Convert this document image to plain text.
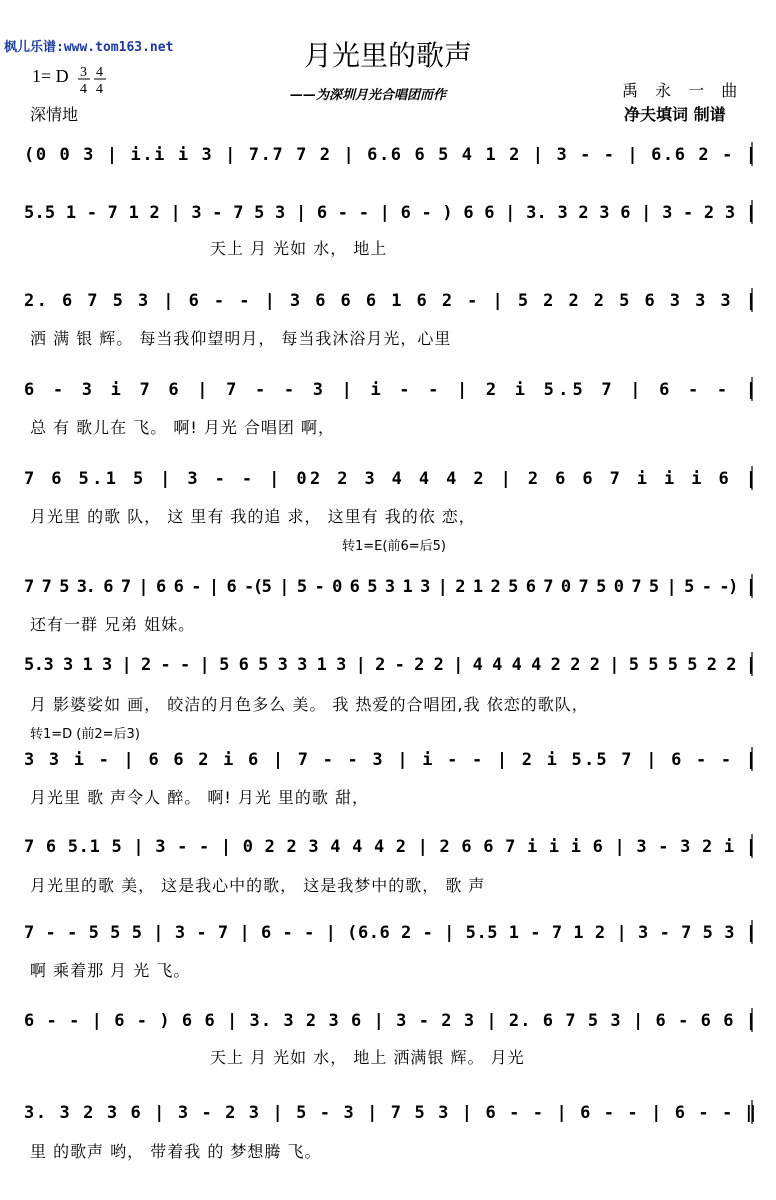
枫儿乐谱:www.tom163.net	月光里的歌声
——为深圳月光合唱团而作
1= D 3
4
4
4
深情地
禹 永 一 曲
净夫填词 制谱
(0 0 3 | i.i i 3 | 7.7 7 2 | 6.6 6 5 4 1 2 | 3 - - | 6.6 2 - |
5.5 1 - 7 1 2 | 3 - 7 5 3 | 6 - - | 6 - ) 6 6 | 3. 3 2 3 6 | 3 - 2 3 |
天上 月 光如 水， 地上
2. 6 7 5 3 | 6 - - | 3 6 6 6 1 6 2 - | 5 2 2 2 5 6 3 3 3 |
洒 满 银 辉。 每当我仰望明月， 每当我沐浴月光，心里
6 - 3 i 7 6 | 7 - - 3 | i - - | 2 i 5.5 7 | 6 - - |
总 有 歌儿在 飞。 啊! 月光 合唱团 啊，
7 6 5.1 5 | 3 - - | 02 2 3 4 4 4 2 | 2 6 6 7 i i i 6 |
月光里 的歌 队， 这 里有 我的追 求， 这里有 我的依 恋，
转1=E(前6=后5)
7 7 5 3. 6 7 | 6 6 - | 6 -(5 | 5 - 0 6 5 3 1 3 | 2 1 2 5 6 7 0 7 5 0 7 5 | 5 - -) |
还有一群 兄弟 姐妹。
5.3 3 1 3 | 2 - - | 5 6 5 3 3 1 3 | 2 - 2 2 | 4 4 4 4 2 2 2 | 5 5 5 5 2 2 |
月 影婆娑如 画， 皎洁的月色多么 美。 我 热爱的合唱团,我 依恋的歌队，
转1=D (前2=后3)
3 3 i - | 6 6 2 i 6 | 7 - - 3 | i - - | 2 i 5.5 7 | 6 - - |
月光里 歌 声令人 醉。 啊! 月光 里的歌 甜，
7 6 5.1 5 | 3 - - | 0 2 2 3 4 4 4 2 | 2 6 6 7 i i i 6 | 3 - 3 2 i |
月光里的歌 美， 这是我心中的歌， 这是我梦中的歌， 歌 声
7 - - 5 5 5 | 3 - 7 | 6 - - | (6.6 2 - | 5.5 1 - 7 1 2 | 3 - 7 5 3 |
啊 乘着那 月 光 飞。
6 - - | 6 - ) 6 6 | 3. 3 2 3 6 | 3 - 2 3 | 2. 6 7 5 3 | 6 - 6 6 |
天上 月 光如 水， 地上 洒满银 辉。 月光
3. 3 2 3 6 | 3 - 2 3 | 5 - 3 | 7 5 3 | 6 - - | 6 - - | 6 - - ‖
里 的歌声 哟， 带着我 的 梦想腾 飞。
